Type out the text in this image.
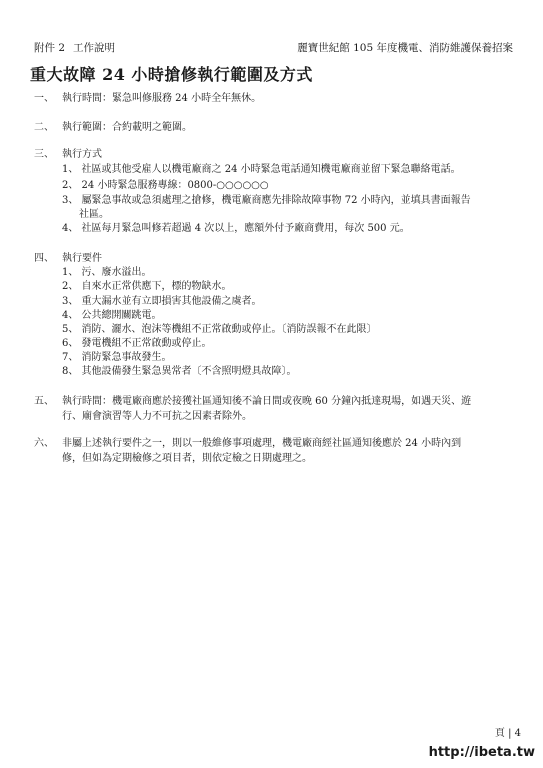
附件 2 工作說明	麗寶世紀館 105 年度機電、消防維護保養招案
重大故障 24 小時搶修執行範圍及方式
一、 執行時間：緊急叫修服務 24 小時全年無休。
二、 執行範圍：合約載明之範圍。
三、 執行方式
1、 社區或其他受雇人以機電廠商之 24 小時緊急電話通知機電廠商並留下緊急聯絡電話。
2、 24 小時緊急服務專線：0800-○○○○○○
3、 屬緊急事故或急須處理之搶修，機電廠商應先排除故障事物 72 小時內，並填具書面報告
社區。
4、 社區每月緊急叫修若超過 4 次以上，應額外付予廠商費用，每次 500 元。
四、 執行要件
1、 污、廢水溢出。
2、 自來水正常供應下，標的物缺水。
3、 重大漏水並有立即損害其他設備之虞者。
4、 公共總開關跳電。
5、 消防、灑水、泡沫等機組不正常啟動或停止。〔消防誤報不在此限〕
6、 發電機組不正常啟動或停止。
7、 消防緊急事故發生。
8、 其他設備發生緊急異常者〔不含照明燈具故障〕。
五、 執行時間：機電廠商應於接獲社區通知後不論日間或夜晚 60 分鐘內抵達現場，如遇天災、遊
行、廟會演習等人力不可抗之因素者除外。
六、 非屬上述執行要件之一，則以一般維修事項處理，機電廠商經社區通知後應於 24 小時內到
修，但如為定期檢修之項目者，則依定檢之日期處理之。
頁 | 4
http://ibeta.tw
